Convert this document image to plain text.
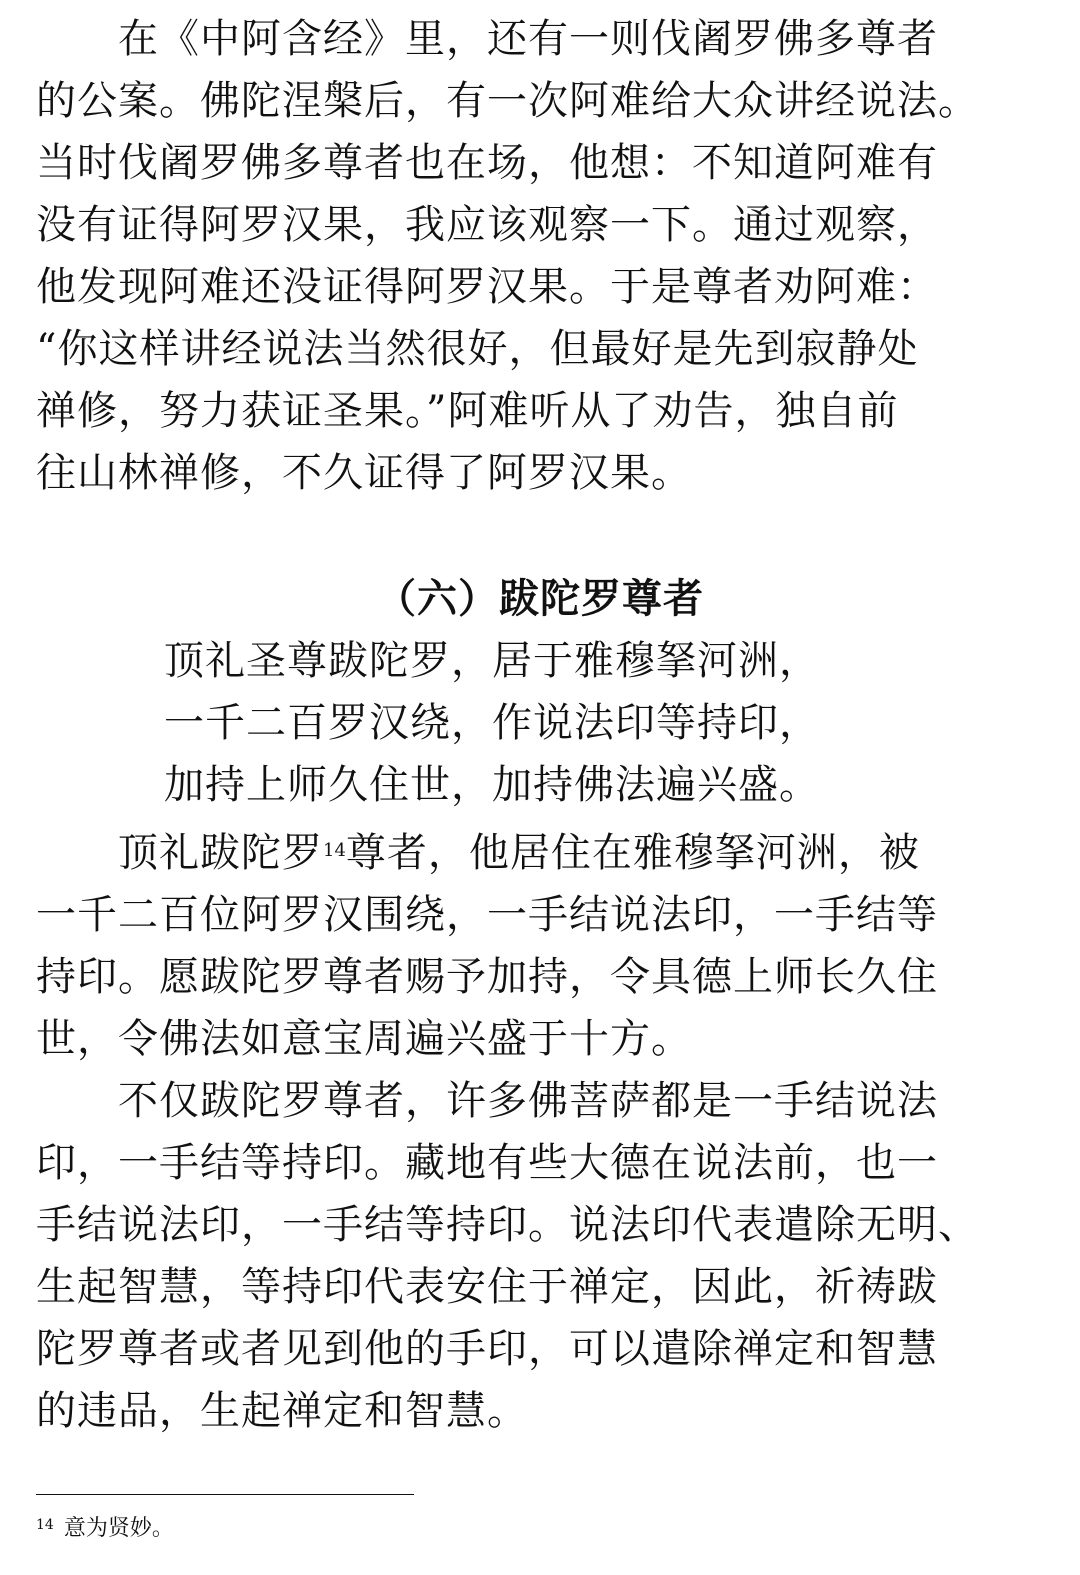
　　在《中阿含经》里，还有一则伐阇罗佛多尊者
的公案。佛陀涅槃后，有一次阿难给大众讲经说法。
当时伐阇罗佛多尊者也在场，他想：不知道阿难有
没有证得阿罗汉果，我应该观察一下。通过观察，
他发现阿难还没证得阿罗汉果。于是尊者劝阿难：
“你这样讲经说法当然很好，但最好是先到寂静处
禅修，努力获证圣果。”阿难听从了劝告，独自前
往山林禅修，不久证得了阿罗汉果。
（六）跋陀罗尊者
顶礼圣尊跋陀罗，居于雅穆拏河洲，
一千二百罗汉绕，作说法印等持印，
加持上师久住世，加持佛法遍兴盛。
　　顶礼跋陀罗$^{14}$尊者，他居住在雅穆拏河洲，被
一千二百位阿罗汉围绕，一手结说法印，一手结等
持印。愿跋陀罗尊者赐予加持，令具德上师长久住
世，令佛法如意宝周遍兴盛于十方。
　　不仅跋陀罗尊者，许多佛菩萨都是一手结说法
印，一手结等持印。藏地有些大德在说法前，也一
手结说法印，一手结等持印。说法印代表遣除无明、
生起智慧，等持印代表安住于禅定，因此，祈祷跋
陀罗尊者或者见到他的手印，可以遣除禅定和智慧
的违品，生起禅定和智慧。
$^{14}$ 意为贤妙。
